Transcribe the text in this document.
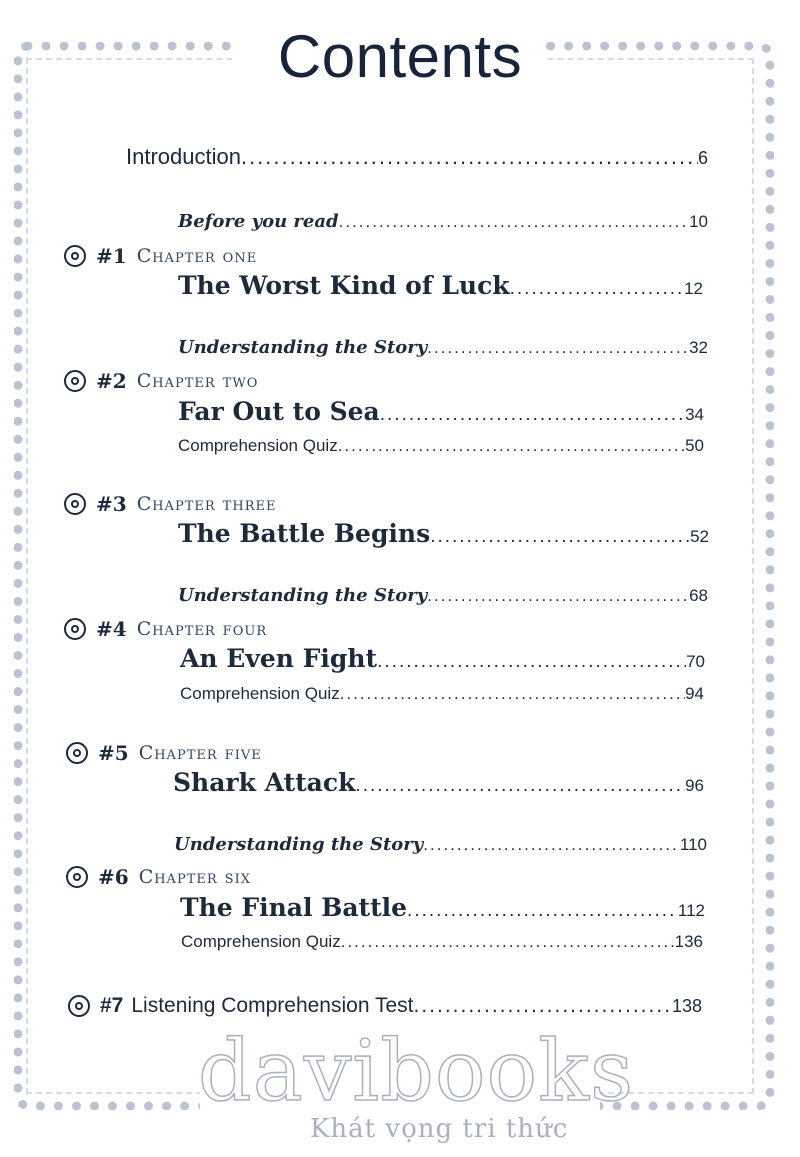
Contents
Introduction .....	6
Before you read .....	10
#1 Chapter one
The Worst Kind of Luck .....	12
Understanding the Story .....	32
#2 Chapter two
Far Out to Sea .....	34
Comprehension Quiz .....	50
#3 Chapter three
The Battle Begins .....	52
Understanding the Story .....	68
#4 Chapter four
An Even Fight .....	70
Comprehension Quiz .....	94
#5 Chapter five
Shark Attack .....	96
Understanding the Story .....	110
#6 Chapter six
The Final Battle .....	112
Comprehension Quiz .....	136
#7 Listening Comprehension Test .....	138
davibooks
Khát vọng tri thức
